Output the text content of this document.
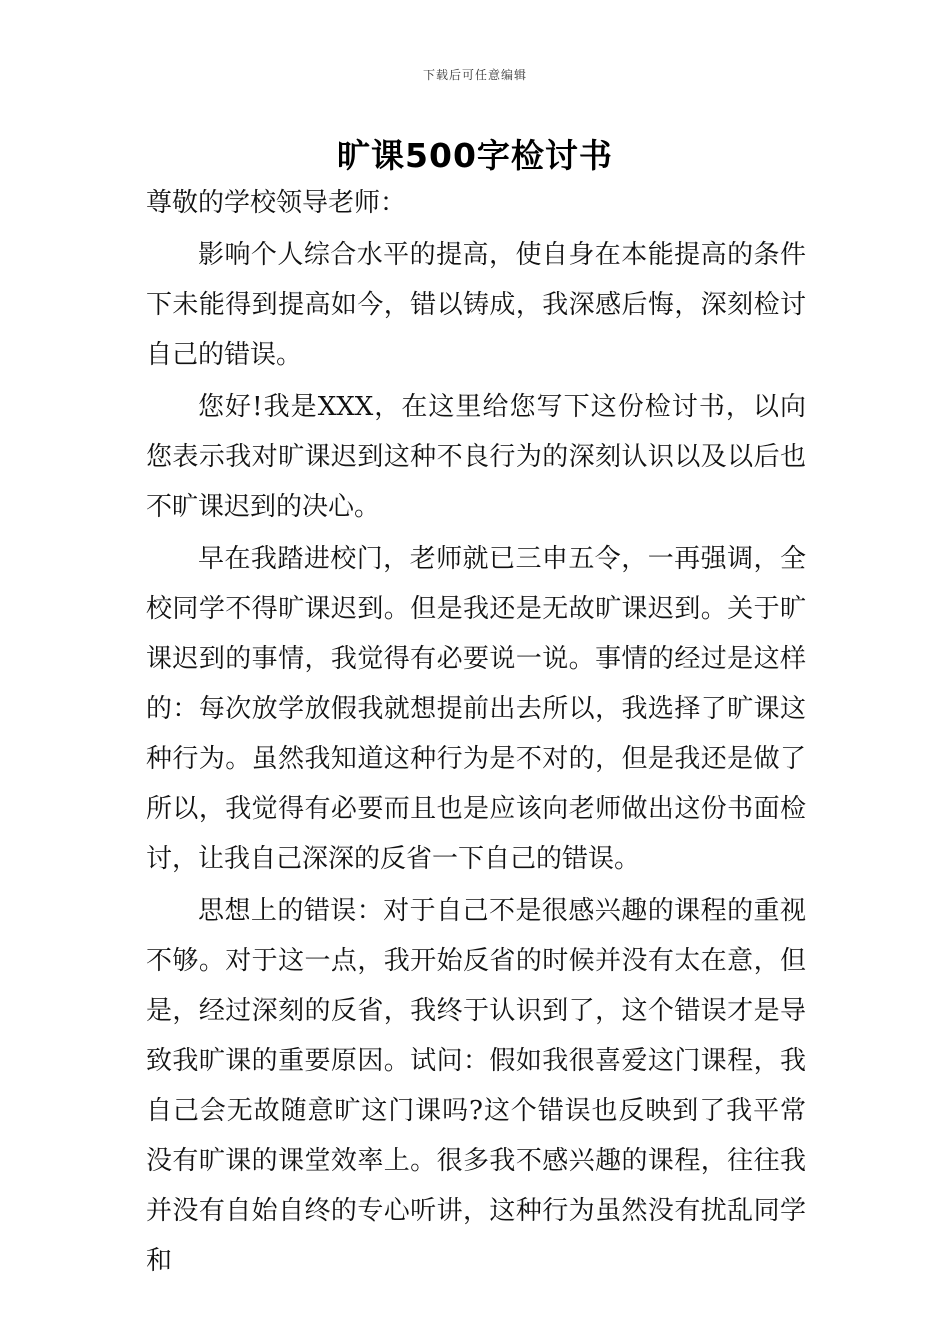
下载后可任意编辑
旷课500字检讨书

尊敬的学校领导老师：

影响个人综合水平的提高，使自身在本能提高的条件下未能得到提高如今，错以铸成，我深感后悔，深刻检讨自己的错误。

您好!我是XXX，在这里给您写下这份检讨书，以向您表示我对旷课迟到这种不良行为的深刻认识以及以后也不旷课迟到的决心。

早在我踏进校门，老师就已三申五令，一再强调，全校同学不得旷课迟到。但是我还是无故旷课迟到。关于旷课迟到的事情，我觉得有必要说一说。事情的经过是这样的：每次放学放假我就想提前出去所以，我选择了旷课这种行为。虽然我知道这种行为是不对的，但是我还是做了所以，我觉得有必要而且也是应该向老师做出这份书面检讨，让我自己深深的反省一下自己的错误。

思想上的错误：对于自己不是很感兴趣的课程的重视不够。对于这一点，我开始反省的时候并没有太在意，但是，经过深刻的反省，我终于认识到了，这个错误才是导致我旷课的重要原因。试问：假如我很喜爱这门课程，我自己会无故随意旷这门课吗?这个错误也反映到了我平常没有旷课的课堂效率上。很多我不感兴趣的课程，往往我并没有自始自终的专心听讲，这种行为虽然没有扰乱同学和
